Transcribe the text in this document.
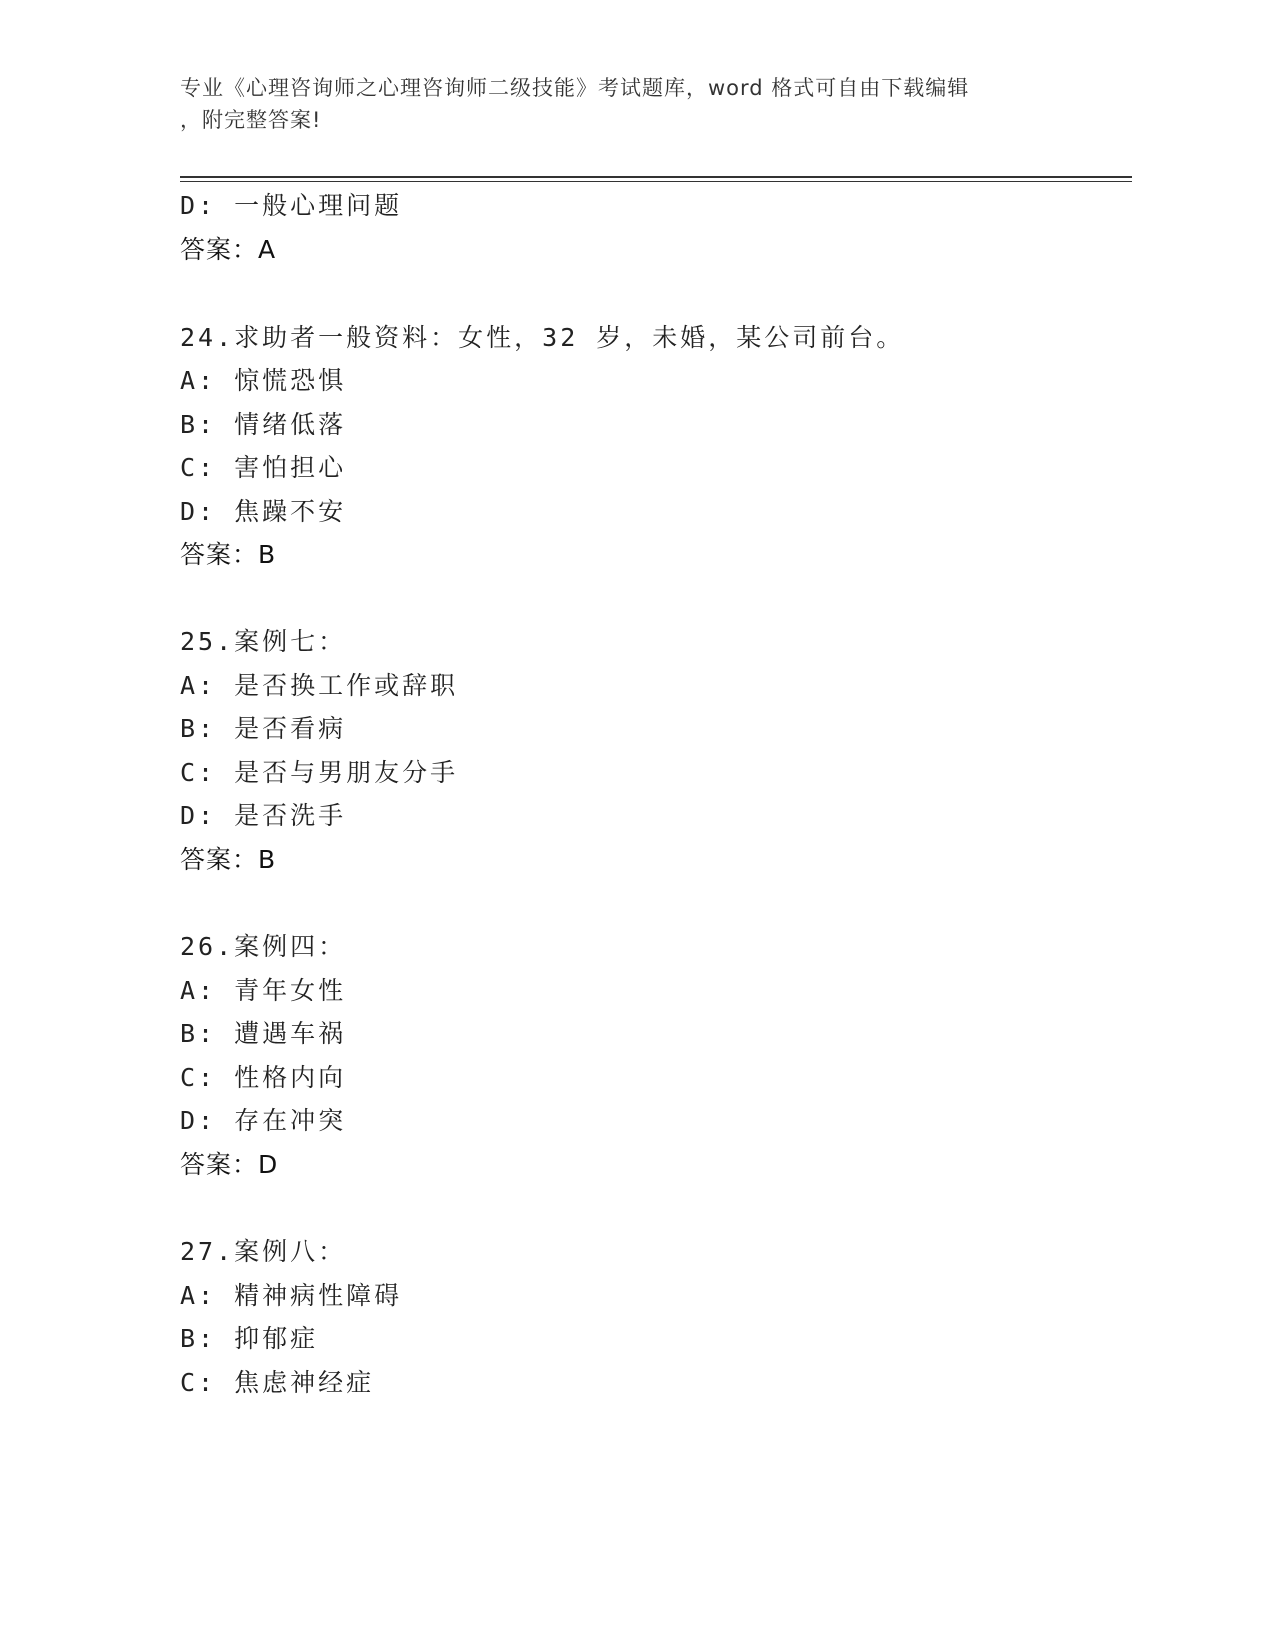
专业《心理咨询师之心理咨询师二级技能》考试题库，word 格式可自由下载编辑
，附完整答案!
D: 一般心理问题
答案：A
24.求助者一般资料：女性，32 岁，未婚，某公司前台。
A: 惊慌恐惧
B: 情绪低落
C: 害怕担心
D: 焦躁不安
答案：B
25.案例七：
A: 是否换工作或辞职
B: 是否看病
C: 是否与男朋友分手
D: 是否洗手
答案：B
26.案例四：
A: 青年女性
B: 遭遇车祸
C: 性格内向
D: 存在冲突
答案：D
27.案例八：
A: 精神病性障碍
B: 抑郁症
C: 焦虑神经症
